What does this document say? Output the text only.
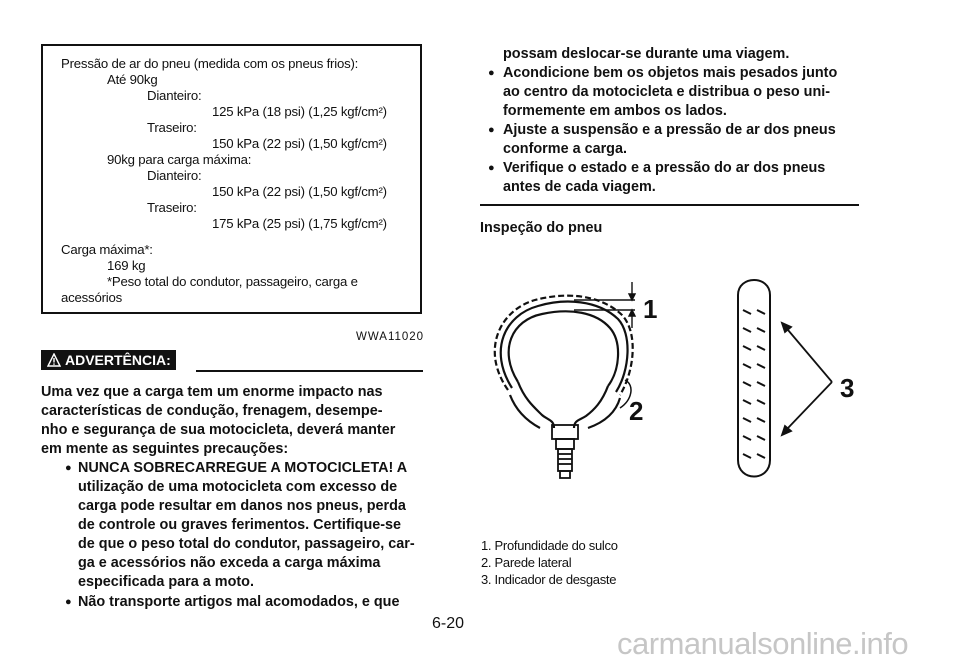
Pressão de ar do pneu (medida com os pneus frios):
Até 90kg
Dianteiro:
125 kPa (18 psi) (1,25 kgf/cm²)
Traseiro:
150 kPa (22 psi) (1,50 kgf/cm²)
90kg para carga máxima:
Dianteiro:
150 kPa (22 psi) (1,50 kgf/cm²)
Traseiro:
175 kPa (25 psi) (1,75 kgf/cm²)
Carga máxima*:
169 kg
*Peso total do condutor, passageiro, carga e
acessórios
WWA11020
ADVERTÊNCIA:
Uma vez que a carga tem um enorme impacto nas
características de condução, frenagem, desempe-
nho e segurança de sua motocicleta, deverá manter
em mente as seguintes precauções:
● NUNCA SOBRECARREGUE A MOTOCICLETA! A
utilização de uma motocicleta com excesso de
carga pode resultar em danos nos pneus, perda
de controle ou graves ferimentos. Certifique-se
de que o peso total do condutor, passageiro, car-
ga e acessórios não exceda a carga máxima
especificada para a moto.
● Não transporte artigos mal acomodados, e que
possam deslocar-se durante uma viagem.
● Acondicione bem os objetos mais pesados junto
ao centro da motocicleta e distribua o peso uni-
formemente em ambos os lados.
● Ajuste a suspensão e a pressão de ar dos pneus
conforme a carga.
● Verifique o estado e a pressão do ar dos pneus
antes de cada viagem.
Inspeção do pneu
1
2
3
1. Profundidade do sulco
2. Parede lateral
3. Indicador de desgaste
6-20
carmanualsonline.info
